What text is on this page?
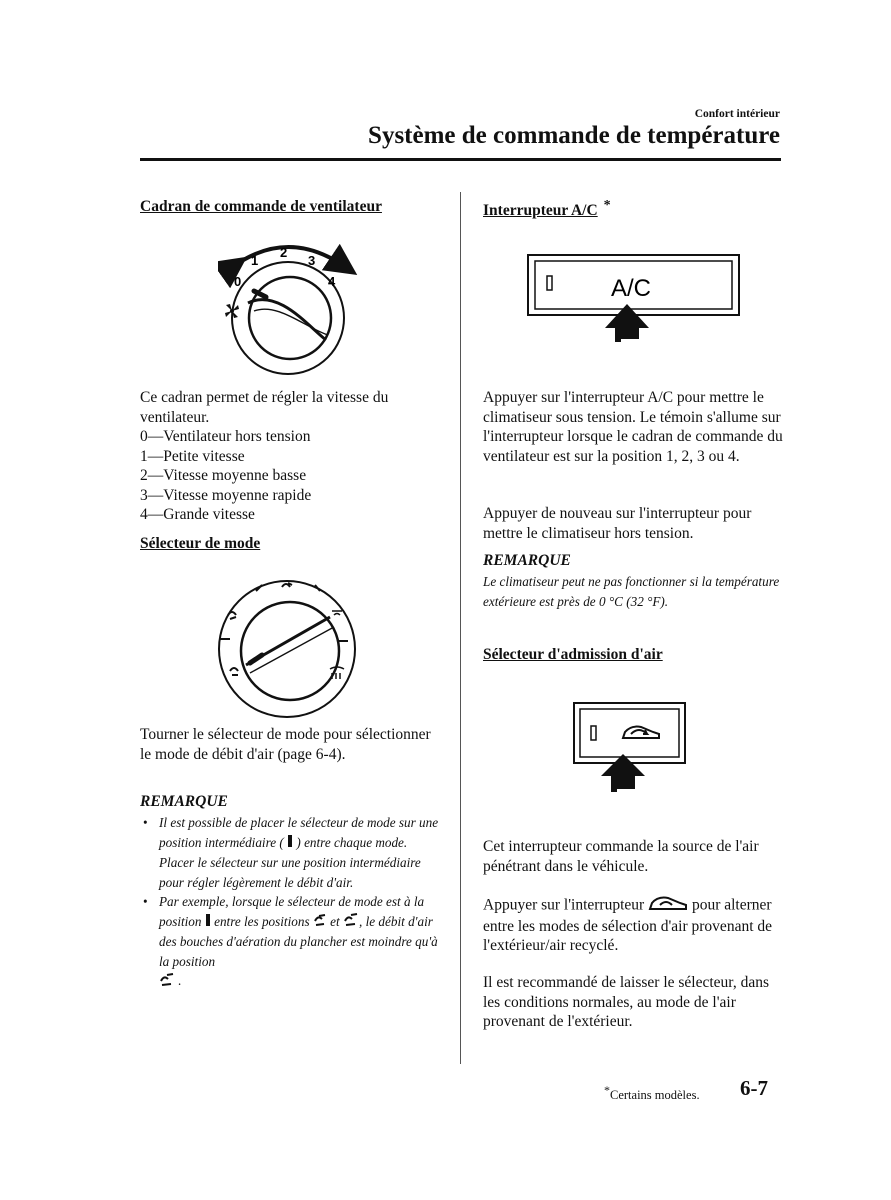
Confort intérieur
Système de commande de température
Cadran de commande de ventilateur
0
1
2
3
4

Ce cadran permet de régler la vitesse du ventilateur.

0—Ventilateur hors tension
1—Petite vitesse
2—Vitesse moyenne basse
3—Vitesse moyenne rapide
4—Grande vitesse
Sélecteur de mode

Tourner le sélecteur de mode pour sélectionner le mode de débit d'air (page 6-4).

REMARQUE
• Il est possible de placer le sélecteur de mode sur une position intermédiaire ( ) entre chaque mode. Placer le sélecteur sur une position intermédiaire pour régler légèrement le débit d'air.
• Par exemple, lorsque le sélecteur de mode est à la position entre les positions et , le débit d'air des bouches d'aération du plancher est moindre qu'à la position
.
Interrupteur A/C *
A/C

Appuyer sur l'interrupteur A/C pour mettre le climatiseur sous tension. Le témoin s'allume sur l'interrupteur lorsque le cadran de commande du ventilateur est sur la position 1, 2, 3 ou 4.

Appuyer de nouveau sur l'interrupteur pour mettre le climatiseur hors tension.

REMARQUE

Le climatiseur peut ne pas fonctionner si la température extérieure est près de 0 °C (32 °F).

Sélecteur d'admission d'air

Cet interrupteur commande la source de l'air pénétrant dans le véhicule.

Appuyer sur l'interrupteur	pour alterner entre les modes de sélection d'air provenant de l'extérieur/air recyclé.

Il est recommandé de laisser le sélecteur, dans les conditions normales, au mode de l'air provenant de l'extérieur.

*Certains modèles. 6-7
